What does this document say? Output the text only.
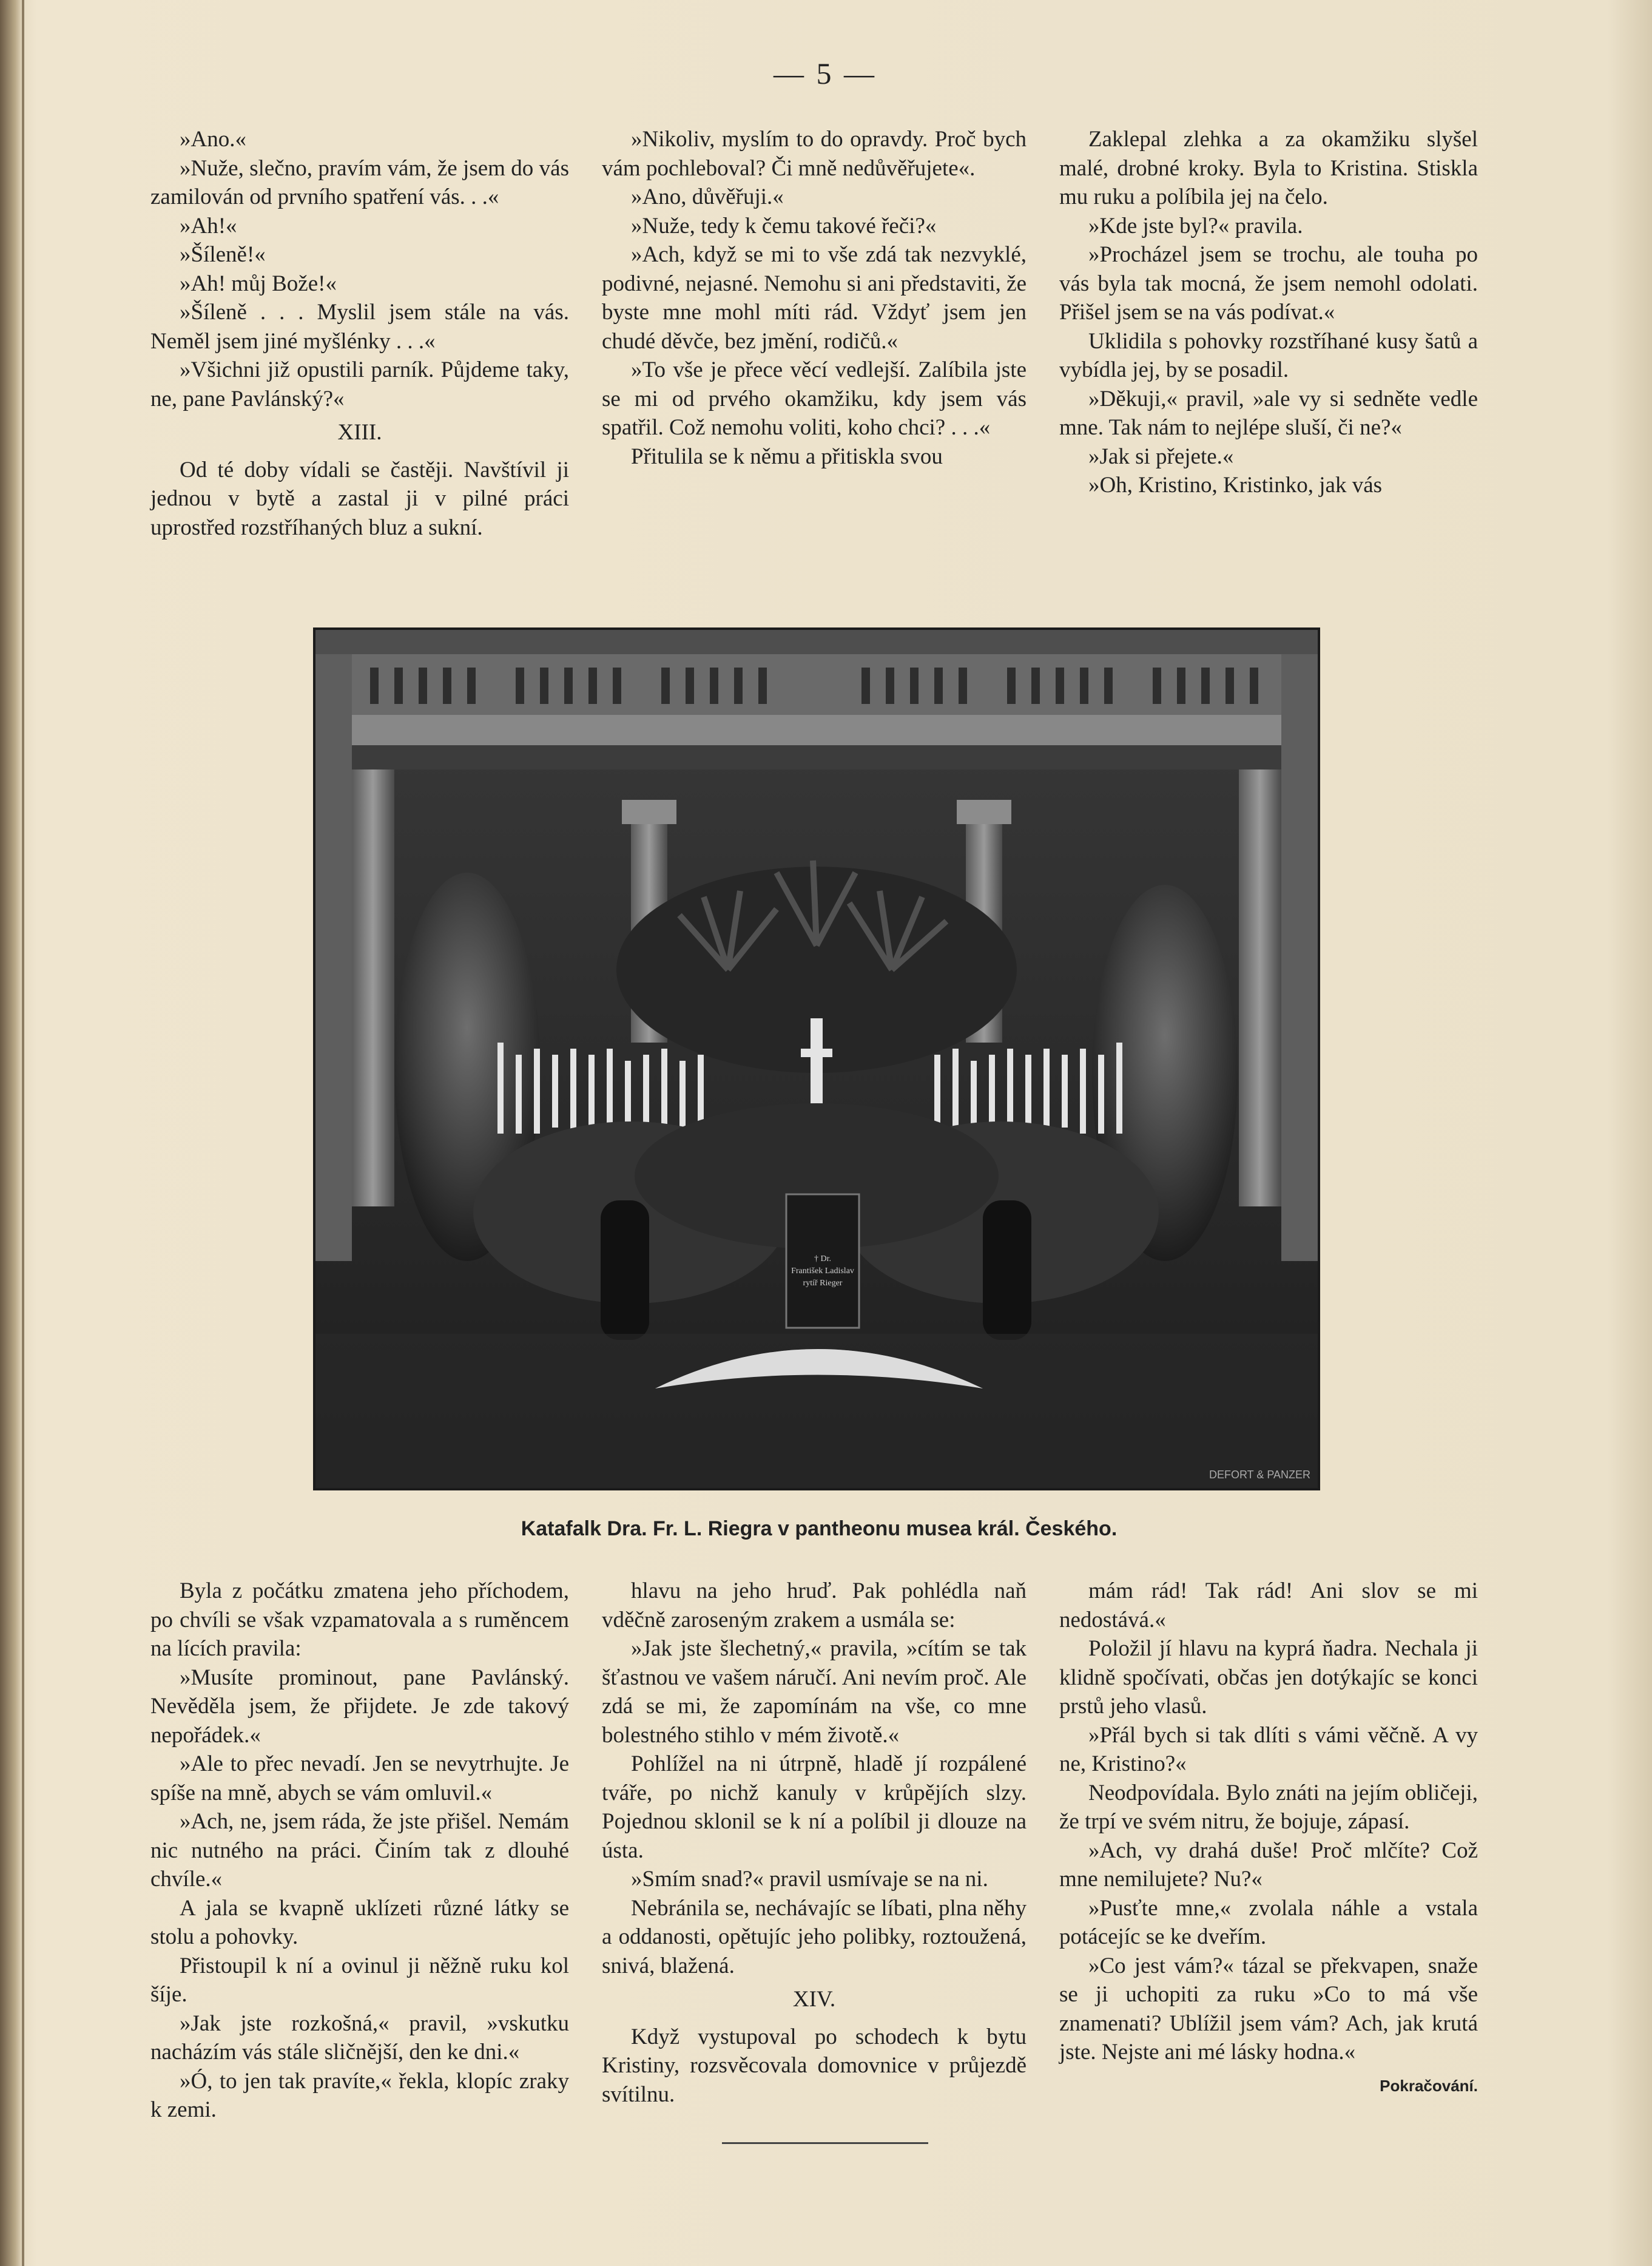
— 5 —

»Ano.«

»Nuže, slečno, pravím vám, že jsem do vás zamilován od prvního spatření vás. . .«

»Ah!«

»Šíleně!«

»Ah! můj Bože!«

»Šíleně . . . Myslil jsem stále na vás. Neměl jsem jiné myšlénky . . .«

»Všichni již opustili parník. Půjdeme taky, ne, pane Pavlánský?«

XIII.

Od té doby vídali se častěji. Navštívil ji jednou v bytě a zastal ji v pilné práci uprostřed rozstříhaných bluz a sukní.

»Nikoliv, myslím to do opravdy. Proč bych vám pochleboval? Či mně nedůvěřujete«.

»Ano, důvěřuji.«

»Nuže, tedy k čemu takové řeči?«

»Ach, když se mi to vše zdá tak nezvyklé, podivné, nejasné. Nemohu si ani představiti, že byste mne mohl míti rád. Vždyť jsem jen chudé děvče, bez jmění, rodičů.«

»To vše je přece věcí vedlejší. Zalíbila jste se mi od prvého okamžiku, kdy jsem vás spatřil. Což nemohu voliti, koho chci? . . .«

Přitulila se k němu a přitiskla svou

Zaklepal zlehka a za okamžiku slyšel malé, drobné kroky. Byla to Kristina. Stiskla mu ruku a políbila jej na čelo.

»Kde jste byl?« pravila.

»Procházel jsem se trochu, ale touha po vás byla tak mocná, že jsem nemohl odolati. Přišel jsem se na vás podívat.«

Uklidila s pohovky rozstříhané kusy šatů a vybídla jej, by se posadil.

»Děkuji,« pravil, »ale vy si sedněte vedle mne. Tak nám to nejlépe sluší, či ne?«

»Jak si přejete.«

»Oh, Kristino, Kristinko, jak vás

† Dr.
František Ladislav
rytíř Rieger
DEFORT & PANZER
Katafalk Dra. Fr. L. Riegra v pantheonu musea král. Českého.

Byla z počátku zmatena jeho příchodem, po chvíli se však vzpamatovala a s ruměncem na lících pravila:

»Musíte prominout, pane Pavlánský. Nevěděla jsem, že přijdete. Je zde takový nepořádek.«

»Ale to přec nevadí. Jen se nevytrhujte. Je spíše na mně, abych se vám omluvil.«

»Ach, ne, jsem ráda, že jste přišel. Nemám nic nutného na práci. Činím tak z dlouhé chvíle.«

A jala se kvapně uklízeti různé látky se stolu a pohovky.

Přistoupil k ní a ovinul ji něžně ruku kol šíje.

»Jak jste rozkošná,« pravil, »vskutku nacházím vás stále sličnější, den ke dni.«

»Ó, to jen tak pravíte,« řekla, klopíc zraky k zemi.

hlavu na jeho hruď. Pak pohlédla naň vděčně zaroseným zrakem a usmála se:

»Jak jste šlechetný,« pravila, »cítím se tak šťastnou ve vašem náručí. Ani nevím proč. Ale zdá se mi, že zapomínám na vše, co mne bolestného stihlo v mém životě.«

Pohlížel na ni útrpně, hladě jí rozpálené tváře, po nichž kanuly v krůpějích slzy. Pojednou sklonil se k ní a políbil ji dlouze na ústa.

»Smím snad?« pravil usmívaje se na ni.

Nebránila se, nechávajíc se líbati, plna něhy a oddanosti, opětujíc jeho polibky, roztoužená, snivá, blažená.

XIV.

Když vystupoval po schodech k bytu Kristiny, rozsvěcovala domovnice v průjezdě svítilnu.

mám rád! Tak rád! Ani slov se mi nedostává.«

Položil jí hlavu na kyprá ňadra. Nechala ji klidně spočívati, občas jen dotýkajíc se konci prstů jeho vlasů.

»Přál bych si tak dlíti s vámi věčně. A vy ne, Kristino?«

Neodpovídala. Bylo znáti na jejím obličeji, že trpí ve svém nitru, že bojuje, zápasí.

»Ach, vy drahá duše! Proč mlčíte? Což mne nemilujete? Nu?«

»Pusťte mne,« zvolala náhle a vstala potácejíc se ke dveřím.

»Co jest vám?« tázal se překvapen, snaže se ji uchopiti za ruku »Co to má vše znamenati? Ublížil jsem vám? Ach, jak krutá jste. Nejste ani mé lásky hodna.«

Pokračování.
